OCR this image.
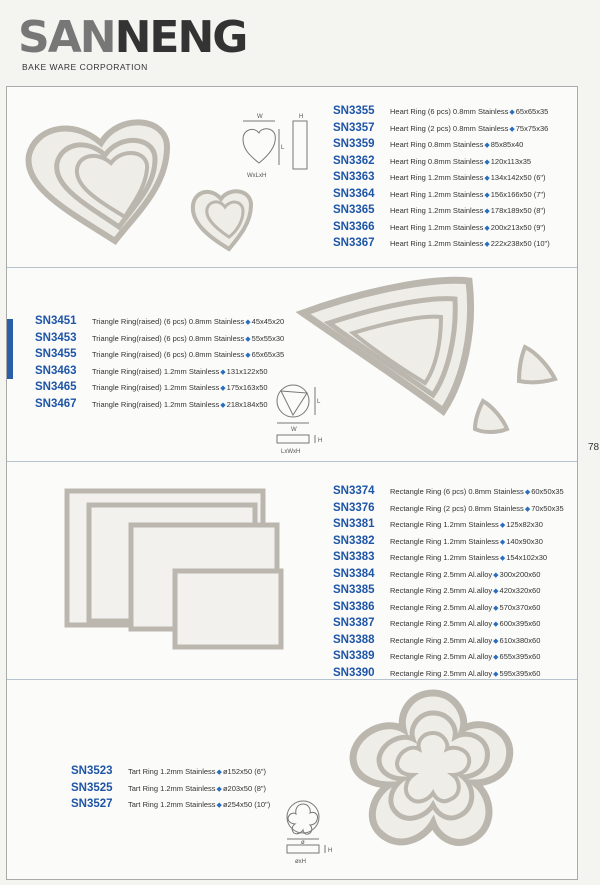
SANNENG
BAKE WARE CORPORATION
78
W
L
H
WxLxH
SN3355	Heart Ring (6 pcs) 0.8mm Stainless ◆ 65x65x35
SN3357	Heart Ring (2 pcs) 0.8mm Stainless ◆ 75x75x36
SN3359	Heart Ring 0.8mm Stainless ◆ 85x85x40
SN3362	Heart Ring 0.8mm Stainless ◆ 120x113x35
SN3363	Heart Ring 1.2mm Stainless ◆ 134x142x50 (6")
SN3364	Heart Ring 1.2mm Stainless ◆ 156x166x50 (7")
SN3365	Heart Ring 1.2mm Stainless ◆ 178x189x50 (8")
SN3366	Heart Ring 1.2mm Stainless ◆ 200x213x50 (9")
SN3367	Heart Ring 1.2mm Stainless ◆ 222x238x50 (10")
SN3451	Triangle Ring(raised) (6 pcs) 0.8mm Stainless ◆ 45x45x20
SN3453	Triangle Ring(raised) (6 pcs) 0.8mm Stainless ◆ 55x55x30
SN3455	Triangle Ring(raised) (6 pcs) 0.8mm Stainless ◆ 65x65x35
SN3463	Triangle Ring(raised) 1.2mm Stainless ◆ 131x122x50
SN3465	Triangle Ring(raised) 1.2mm Stainless ◆ 175x163x50
SN3467	Triangle Ring(raised) 1.2mm Stainless ◆ 218x184x50	L
W
H
LxWxH
SN3374	Rectangle Ring (6 pcs) 0.8mm Stainless ◆ 60x50x35
SN3376	Rectangle Ring (2 pcs) 0.8mm Stainless ◆ 70x50x35
SN3381	Rectangle Ring 1.2mm Stainless ◆ 125x82x30
SN3382	Rectangle Ring 1.2mm Stainless ◆ 140x90x30
SN3383	Rectangle Ring 1.2mm Stainless ◆ 154x102x30
SN3384	Rectangle Ring 2.5mm Al.alloy ◆ 300x200x60
SN3385	Rectangle Ring 2.5mm Al.alloy ◆ 420x320x60
SN3386	Rectangle Ring 2.5mm Al.alloy ◆ 570x370x60
SN3387	Rectangle Ring 2.5mm Al.alloy ◆ 600x395x60
SN3388	Rectangle Ring 2.5mm Al.alloy ◆ 610x380x60
SN3389	Rectangle Ring 2.5mm Al.alloy ◆ 655x395x60
SN3390	Rectangle Ring 2.5mm Al.alloy ◆ 595x395x60
SN3523	Tart Ring 1.2mm Stainless ◆ ø152x50 (6")
SN3525	Tart Ring 1.2mm Stainless ◆ ø203x50 (8")
SN3527	Tart Ring 1.2mm Stainless ◆ ø254x50 (10")
ø
H
øxH
